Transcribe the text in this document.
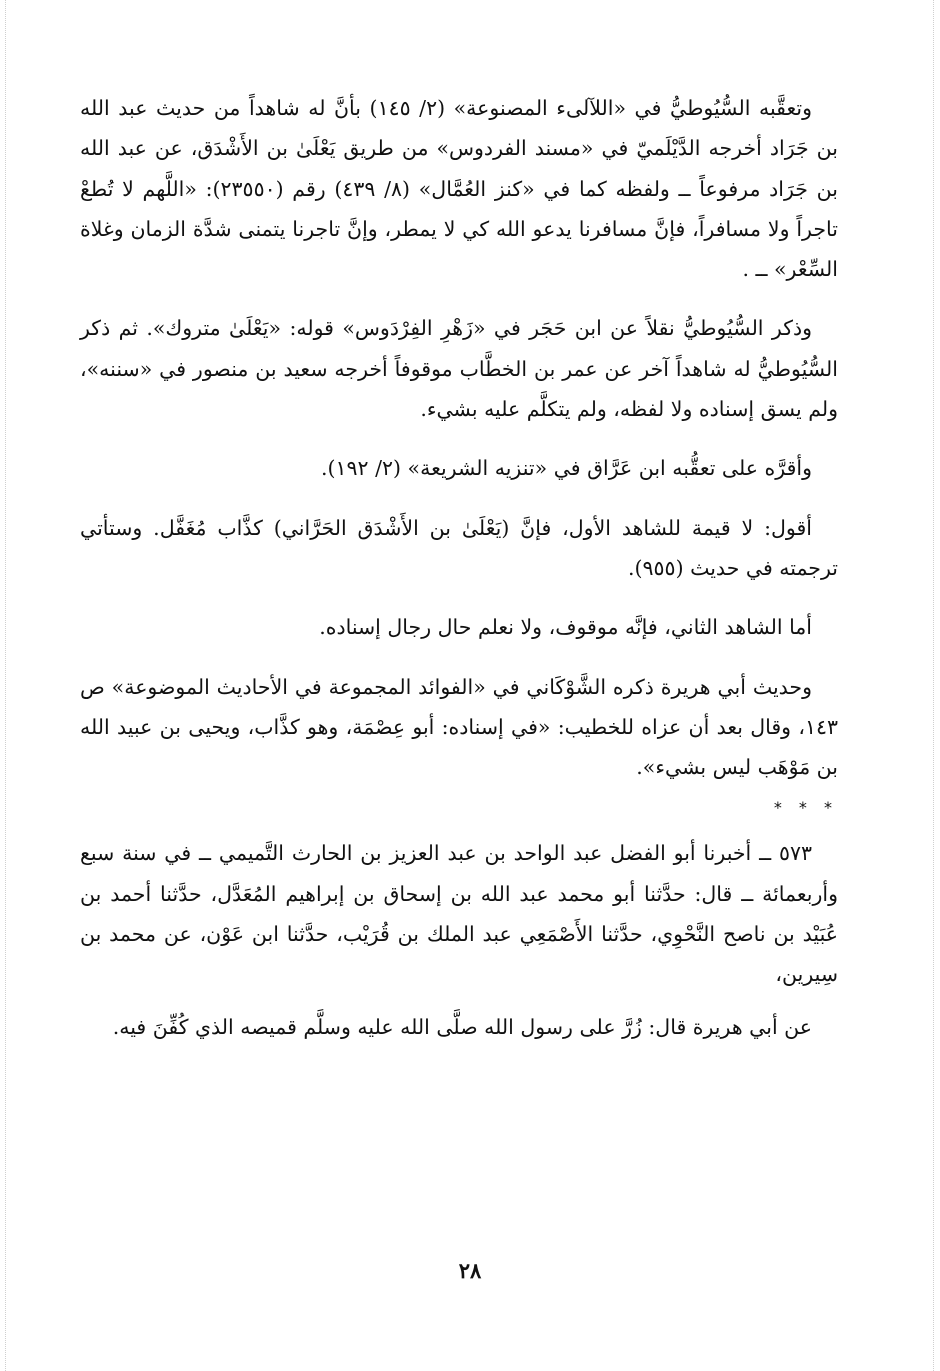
وتعقَّبه السُّيُوطيُّ في «اللآلىء المصنوعة» (٢/ ١٤٥) بأنَّ له شاهداً من حديث عبد الله بن جَرَاد أخرجه الدَّيْلَميّ في «مسند الفردوس» من طريق يَعْلَىٰ بن الأَشْدَق، عن عبد الله بن جَرَاد مرفوعاً ــ ولفظه كما في «كنز العُمَّال» (٨/ ٤٣٩) رقم (٢٣٥٥٠): «اللَّهم لا تُطعْ تاجراً ولا مسافراً، فإنَّ مسافرنا يدعو الله كي لا يمطر، وإنَّ تاجرنا يتمنى شدَّة الزمان وغلاة السِّعْر» ــ .

وذكر السُّيُوطيُّ نقلاً عن ابن حَجَر في «زَهْرِ الفِرْدَوس» قوله: «يَعْلَىٰ متروك». ثم ذكر السُّيُوطيُّ له شاهداً آخر عن عمر بن الخطَّاب موقوفاً أخرجه سعيد بن منصور في «سننه»، ولم يسق إسناده ولا لفظه، ولم يتكلَّم عليه بشيء.

وأقرَّه على تعقُّبه ابن عَرَّاق في «تنزيه الشريعة» (٢/ ١٩٢).

أقول: لا قيمة للشاهد الأول، فإنَّ (يَعْلَىٰ بن الأَشْدَق الحَرَّاني) كذَّاب مُغَفَّل. وستأتي ترجمته في حديث (٩٥٥).

أما الشاهد الثاني، فإنَّه موقوف، ولا نعلم حال رجال إسناده.

وحديث أبي هريرة ذكره الشَّوْكَاني في «الفوائد المجموعة في الأحاديث الموضوعة» ص ١٤٣، وقال بعد أن عزاه للخطيب: «في إسناده: أبو عِصْمَة، وهو كذَّاب، ويحيى بن عبيد الله بن مَوْهَب ليس بشيء».

* * *

٥٧٣ ــ أخبرنا أبو الفضل عبد الواحد بن عبد العزيز بن الحارث التَّميمي ــ في سنة سبع وأربعمائة ــ قال: حدَّثنا أبو محمد عبد الله بن إسحاق بن إبراهيم المُعَدَّل، حدَّثنا أحمد بن عُبَيْد بن ناصح النَّحْوِي، حدَّثنا الأَصْمَعِي عبد الملك بن قُرَيْب، حدَّثنا ابن عَوْن، عن محمد بن سِيرين،

عن أبي هريرة قال: زُرَّ على رسول الله صلَّى الله عليه وسلَّم قميصه الذي كُفِّنَ فيه.

٢٨
